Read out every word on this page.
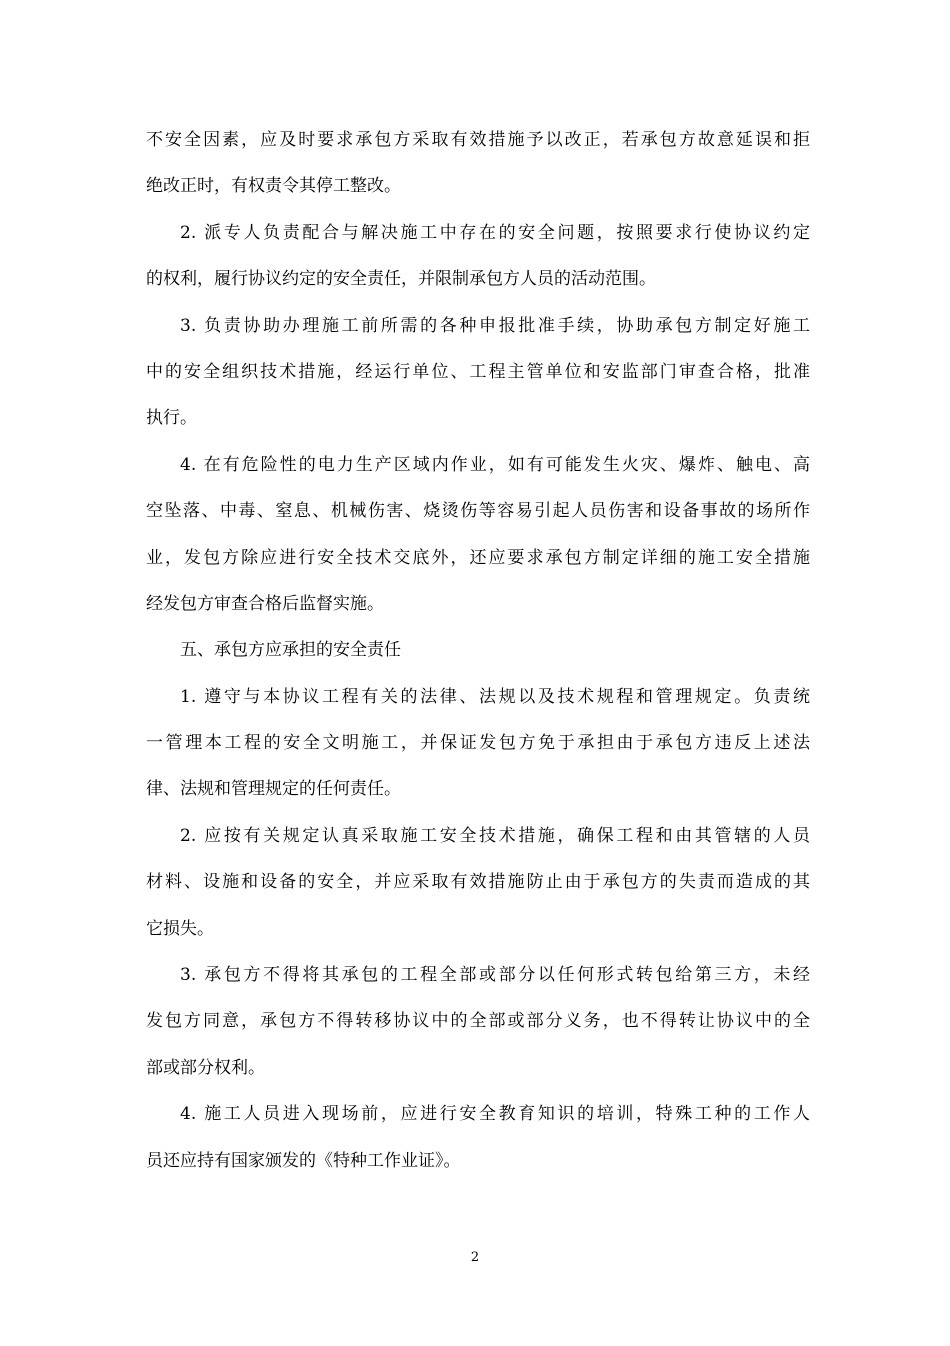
不安全因素，应及时要求承包方采取有效措施予以改正，若承包方故意延误和拒
绝改正时，有权责令其停工整改。
2. 派专人负责配合与解决施工中存在的安全问题，按照要求行使协议约定
的权利，履行协议约定的安全责任，并限制承包方人员的活动范围。
3. 负责协助办理施工前所需的各种申报批准手续，协助承包方制定好施工
中的安全组织技术措施，经运行单位、工程主管单位和安监部门审查合格，批准
执行。
4. 在有危险性的电力生产区域内作业，如有可能发生火灾、爆炸、触电、高
空坠落、中毒、窒息、机械伤害、烧烫伤等容易引起人员伤害和设备事故的场所作
业，发包方除应进行安全技术交底外，还应要求承包方制定详细的施工安全措施
经发包方审查合格后监督实施。
五、承包方应承担的安全责任
1. 遵守与本协议工程有关的法律、法规以及技术规程和管理规定。负责统
一管理本工程的安全文明施工，并保证发包方免于承担由于承包方违反上述法
律、法规和管理规定的任何责任。
2. 应按有关规定认真采取施工安全技术措施，确保工程和由其管辖的人员
材料、设施和设备的安全，并应采取有效措施防止由于承包方的失责而造成的其
它损失。
3. 承包方不得将其承包的工程全部或部分以任何形式转包给第三方，未经
发包方同意，承包方不得转移协议中的全部或部分义务，也不得转让协议中的全
部或部分权利。
4. 施工人员进入现场前，应进行安全教育知识的培训，特殊工种的工作人
员还应持有国家颁发的《特种工作业证》。
2
